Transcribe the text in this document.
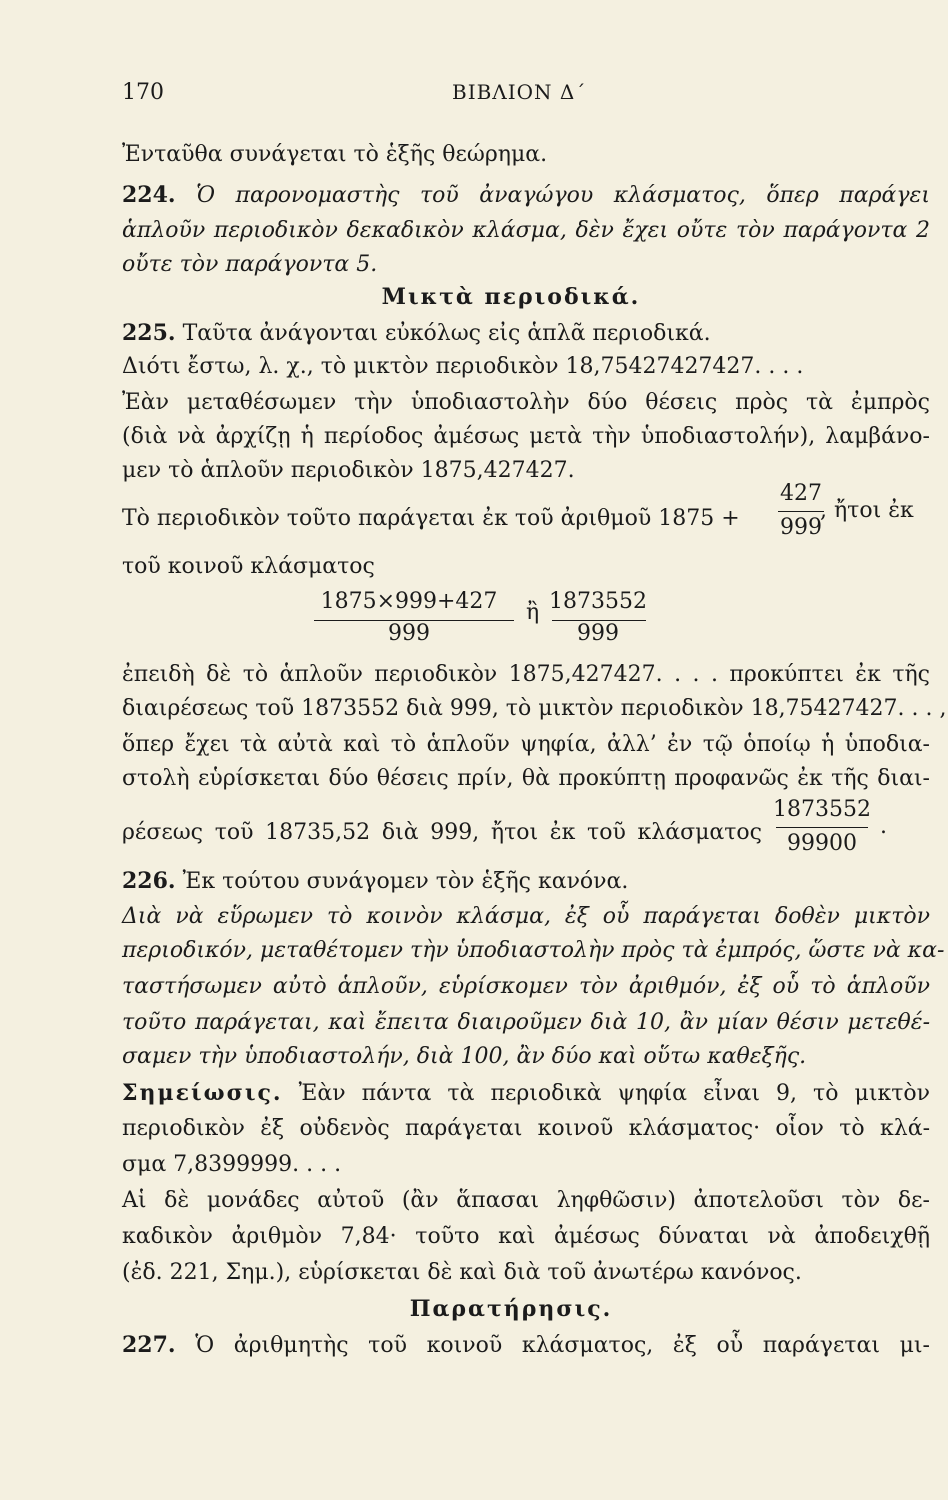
170	ΒΙΒΛΙΟΝ Δ΄
Ἐνταῦθα συνάγεται τὸ ἑξῆς θεώρημα.
224. Ὁ παρονομαστὴς τοῦ ἀναγώγου κλάσματος, ὅπερ παράγει
ἁπλοῦν περιοδικὸν δεκαδικὸν κλάσμα, δὲν ἔχει οὔτε τὸν παράγοντα 2
οὔτε τὸν παράγοντα 5.
Μικτὰ περιοδικά.
225. Ταῦτα ἀνάγονται εὐκόλως εἰς ἁπλᾶ περιοδικά.
Διότι ἔστω, λ. χ., τὸ μικτὸν περιοδικὸν 18,75427427427. . . .
Ἐὰν μεταθέσωμεν τὴν ὑποδιαστολὴν δύο θέσεις πρὸς τὰ ἐμπρὸς
(διὰ νὰ ἀρχίζῃ ἡ περίοδος ἀμέσως μετὰ τὴν ὑποδιαστολήν), λαμβάνο-
μεν τὸ ἁπλοῦν περιοδικὸν 1875,427427.
Τὸ περιοδικὸν τοῦτο παράγεται ἐκ τοῦ ἀριθμοῦ 1875 +
427
999
, ἤτοι ἐκ
τοῦ κοινοῦ κλάσματος
1875×999+427
999
ἢ 1873552
999
ἐπειδὴ δὲ τὸ ἁπλοῦν περιοδικὸν 1875,427427. . . . προκύπτει ἐκ τῆς
διαιρέσεως τοῦ 1873552 διὰ 999, τὸ μικτὸν περιοδικὸν 18,75427427. . . ,
ὅπερ ἔχει τὰ αὐτὰ καὶ τὸ ἁπλοῦν ψηφία, ἀλλ’ ἐν τῷ ὁποίῳ ἡ ὑποδια-
στολὴ εὑρίσκεται δύο θέσεις πρίν, θὰ προκύπτῃ προφανῶς ἐκ τῆς διαι-
ρέσεως τοῦ 18735,52 διὰ 999, ἤτοι ἐκ τοῦ κλάσματος
1873552
99900
.
226. Ἐκ τούτου συνάγομεν τὸν ἑξῆς κανόνα.
Διὰ νὰ εὕρωμεν τὸ κοινὸν κλάσμα, ἐξ οὗ παράγεται δοθὲν μικτὸν
περιοδικόν, μεταθέτομεν τὴν ὑποδιαστολὴν πρὸς τὰ ἐμπρός, ὥστε νὰ κα-
ταστήσωμεν αὐτὸ ἁπλοῦν, εὑρίσκομεν τὸν ἀριθμόν, ἐξ οὗ τὸ ἁπλοῦν
τοῦτο παράγεται, καὶ ἔπειτα διαιροῦμεν διὰ 10, ἂν μίαν θέσιν μετεθέ-
σαμεν τὴν ὑποδιαστολήν, διὰ 100, ἂν δύο καὶ οὕτω καθεξῆς.
Σημείωσις. Ἐὰν πάντα τὰ περιοδικὰ ψηφία εἶναι 9, τὸ μικτὸν
περιοδικὸν ἐξ οὐδενὸς παράγεται κοινοῦ κλάσματος· οἷον τὸ κλά-
σμα 7,8399999. . . .
Αἱ δὲ μονάδες αὐτοῦ (ἂν ἅπασαι ληφθῶσιν) ἀποτελοῦσι τὸν δε-
καδικὸν ἀριθμὸν 7,84· τοῦτο καὶ ἀμέσως δύναται νὰ ἀποδειχθῇ
(ἐδ. 221, Σημ.), εὑρίσκεται δὲ καὶ διὰ τοῦ ἀνωτέρω κανόνος.
Παρατήρησις.
227. Ὁ ἀριθμητὴς τοῦ κοινοῦ κλάσματος, ἐξ οὗ παράγεται μι-
